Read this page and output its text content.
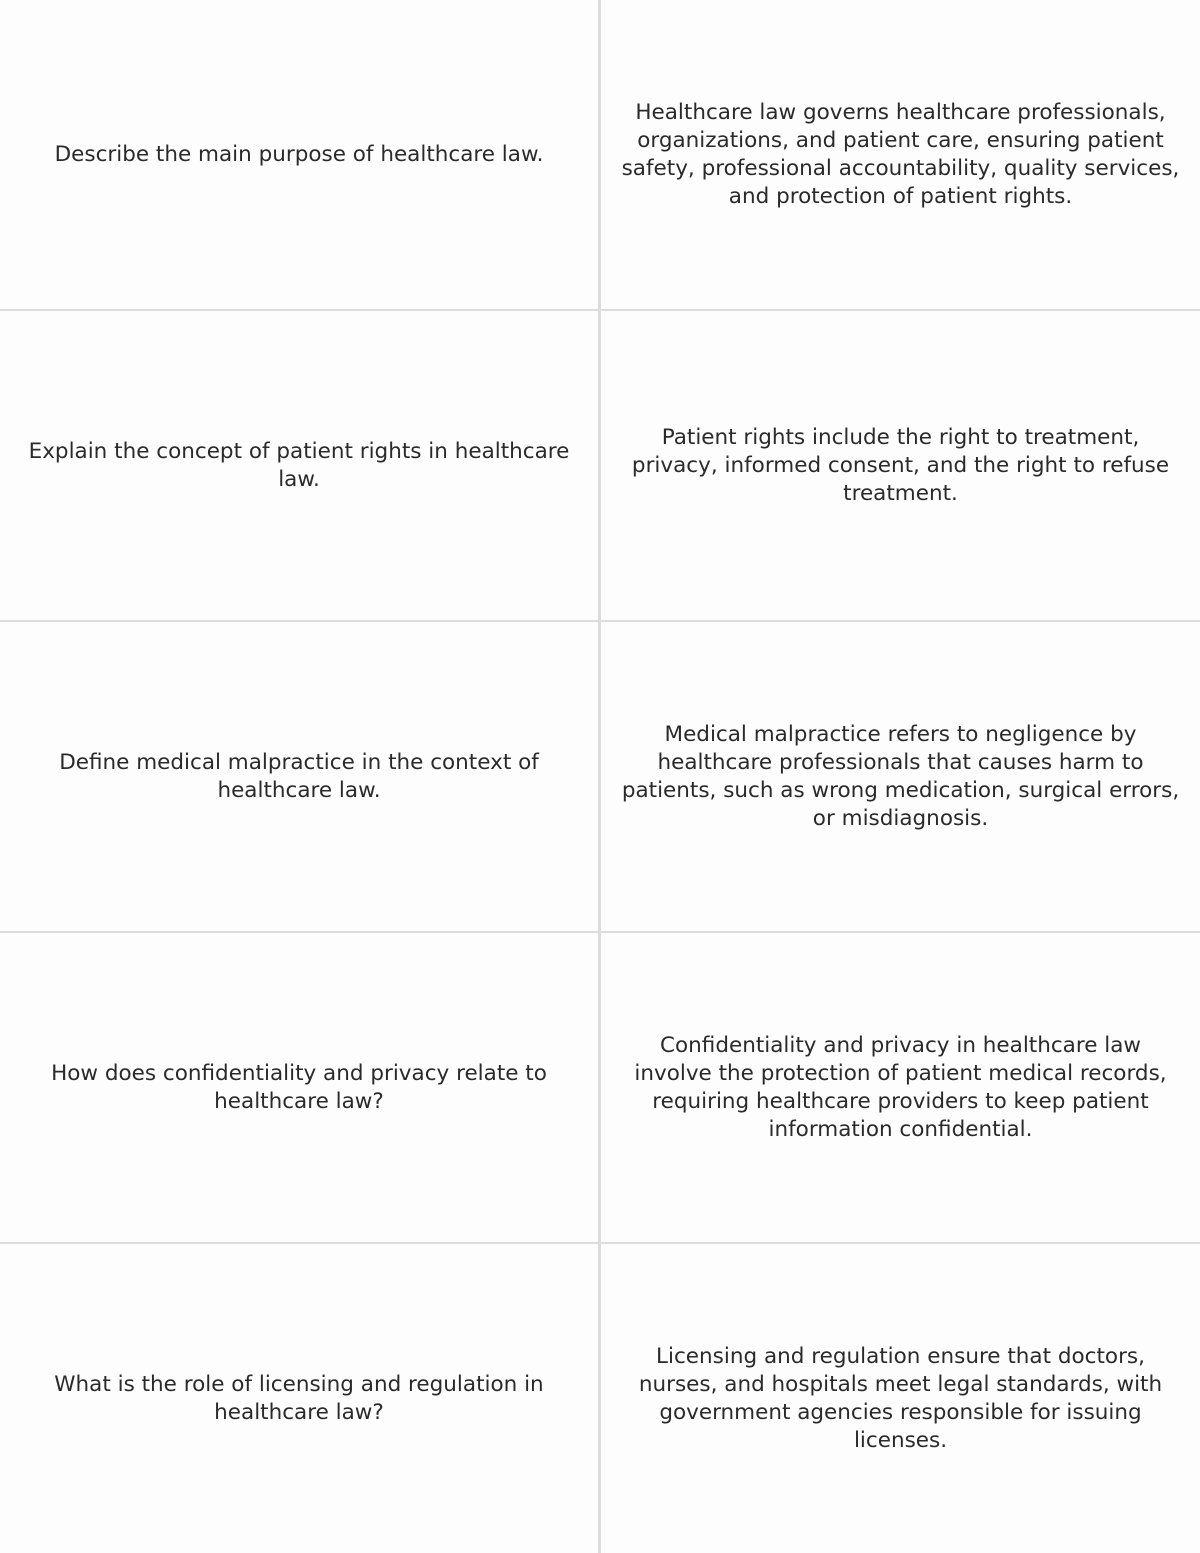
Describe the main purpose of healthcare law.
Healthcare law governs healthcare professionals, organizations, and patient care, ensuring patient safety, professional accountability, quality services, and protection of patient rights.
Explain the concept of patient rights in healthcare law.
Patient rights include the right to treatment, privacy, informed consent, and the right to refuse treatment.
Define medical malpractice in the context of healthcare law.
Medical malpractice refers to negligence by healthcare professionals that causes harm to patients, such as wrong medication, surgical errors, or misdiagnosis.
How does confidentiality and privacy relate to healthcare law?
Confidentiality and privacy in healthcare law involve the protection of patient medical records, requiring healthcare providers to keep patient information confidential.
What is the role of licensing and regulation in healthcare law?
Licensing and regulation ensure that doctors, nurses, and hospitals meet legal standards, with government agencies responsible for issuing licenses.
